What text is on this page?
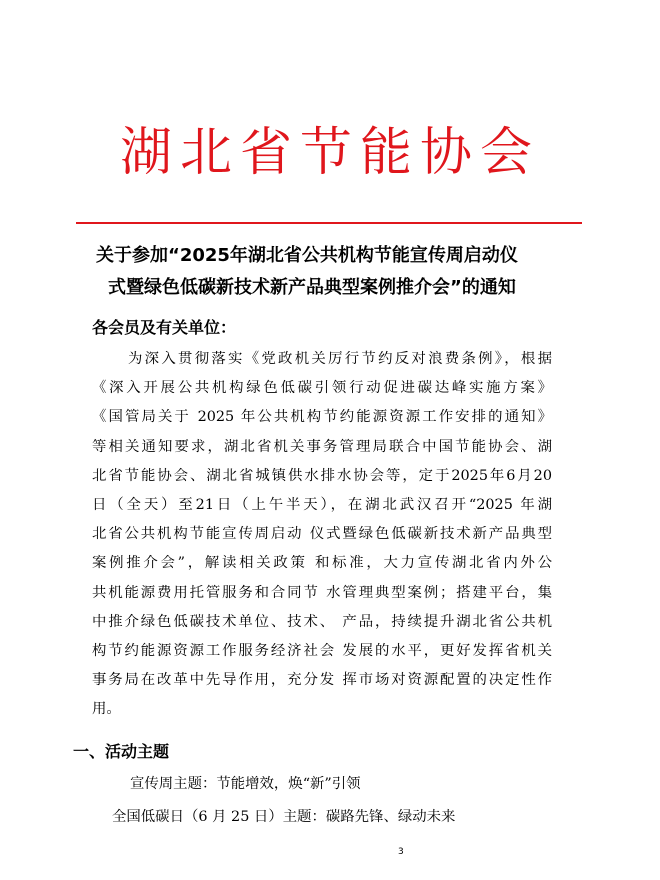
湖北省节能协会
关于参加“2025年湖北省公共机构节能宣传周启动仪
式暨绿色低碳新技术新产品典型案例推介会”的通知
各会员及有关单位：
为深入贯彻落实《党政机关厉行节约反对浪费条例》，根据
《深入开展公共机构绿色低碳引领行动促进碳达峰实施方案》
《国管局关于 2025 年公共机构节约能源资源工作安排的通知》
等相关通知要求，湖北省机关事务管理局联合中国节能协会、湖
北省节能协会、湖北省城镇供水排水协会等，定于2025年6月20
日（全天）至21日（上午半天），在湖北武汉召开“2025 年湖
北省公共机构节能宣传周启动 仪式暨绿色低碳新技术新产品典型
案例推介会”，解读相关政策 和标准，大力宣传湖北省内外公
共机能源费用托管服务和合同节 水管理典型案例；搭建平台，集
中推介绿色低碳技术单位、技术、 产品，持续提升湖北省公共机
构节约能源资源工作服务经济社会 发展的水平，更好发挥省机关
事务局在改革中先导作用，充分发 挥市场对资源配置的决定性作
用。
一、活动主题
宣传周主题：节能增效，焕“新”引领
全国低碳日（6 月 25 日）主题：碳路先锋、绿动未来
3
